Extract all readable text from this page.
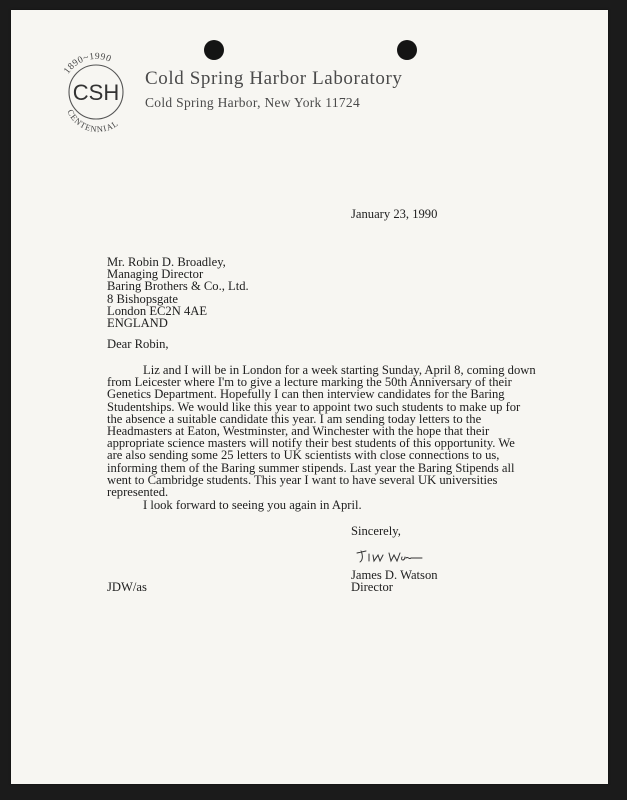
1890~1990
CSH
CENTENNIAL
Cold Spring Harbor Laboratory
Cold Spring Harbor, New York 11724
January 23, 1990
Mr. Robin D. Broadley,
Managing Director
Baring Brothers & Co., Ltd.
8 Bishopsgate
London EC2N 4AE
ENGLAND
Dear Robin,
Liz and I will be in London for a week starting Sunday, April 8, coming down
from Leicester where I'm to give a lecture marking the 50th Anniversary of their
Genetics Department. Hopefully I can then interview candidates for the Baring
Studentships. We would like this year to appoint two such students to make up for
the absence a suitable candidate this year. I am sending today letters to the
Headmasters at Eaton, Westminster, and Winchester with the hope that their
appropriate science masters will notify their best students of this opportunity. We
are also sending some 25 letters to UK scientists with close connections to us,
informing them of the Baring summer stipends. Last year the Baring Stipends all
went to Cambridge students. This year I want to have several UK universities
represented.
I look forward to seeing you again in April.
Sincerely,
James D. Watson
Director
JDW/as
